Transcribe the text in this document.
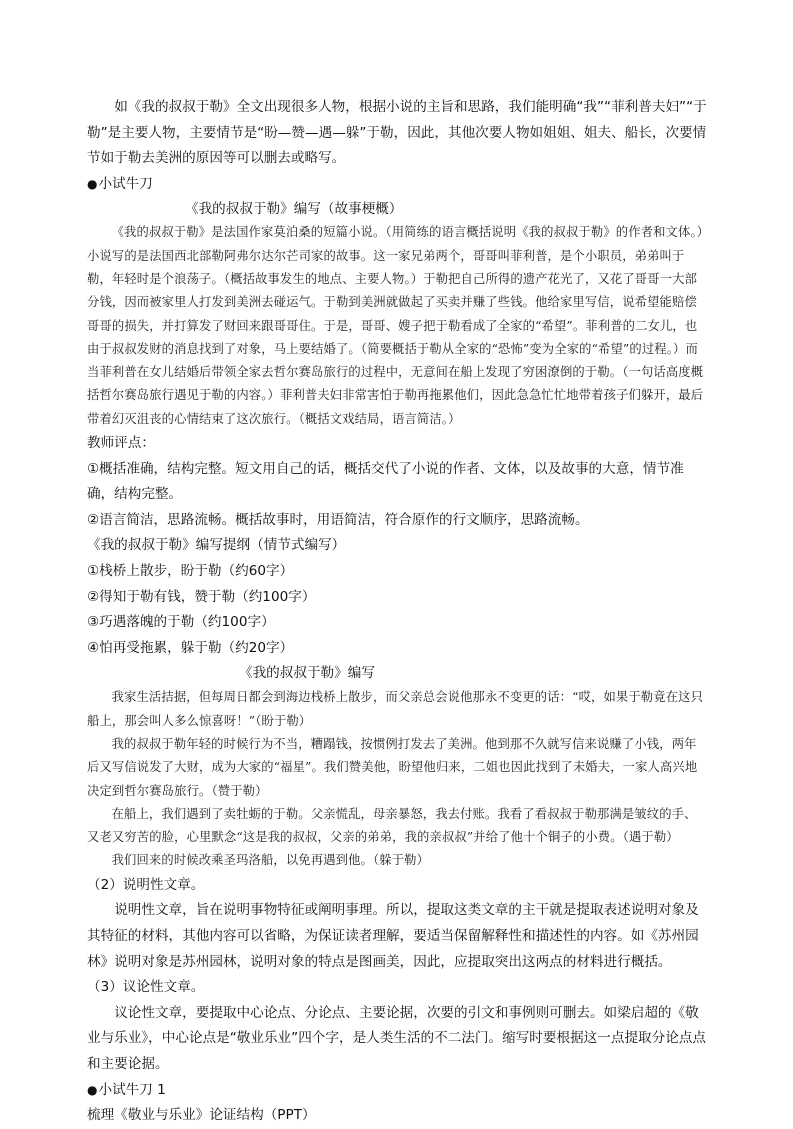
如《我的叔叔于勒》全文出现很多人物，根据小说的主旨和思路，我们能明确“我”“菲利普夫妇”“于勒”是主要人物，主要情节是“盼—赞—遇—躲”于勒，因此，其他次要人物如姐姐、姐夫、船长，次要情节如于勒去美洲的原因等可以删去或略写。

● 小试牛刀

《我的叔叔于勒》编写（故事梗概）

《我的叔叔于勒》是法国作家莫泊桑的短篇小说。（用简练的语言概括说明《我的叔叔于勒》的作者和文体。）小说写的是法国西北部勒阿弗尔达尔芒司家的故事。这一家兄弟两个，哥哥叫菲利普，是个小职员，弟弟叫于勒，年轻时是个浪荡子。（概括故事发生的地点、主要人物。）于勒把自己所得的遗产花光了，又花了哥哥一大部分钱，因而被家里人打发到美洲去碰运气。于勒到美洲就做起了买卖并赚了些钱。他给家里写信，说希望能赔偿哥哥的损失，并打算发了财回来跟哥哥住。于是，哥哥、嫂子把于勒看成了全家的“希望”。菲利普的二女儿，也由于叔叔发财的消息找到了对象，马上要结婚了。（简要概括于勒从全家的“恐怖”变为全家的“希望”的过程。）而当菲利普在女儿结婚后带领全家去哲尔赛岛旅行的过程中，无意间在船上发现了穷困潦倒的于勒。（一句话高度概括哲尔赛岛旅行遇见于勒的内容。）菲利普夫妇非常害怕于勒再拖累他们，因此急急忙忙地带着孩子们躲开，最后带着幻灭沮丧的心情结束了这次旅行。（概括文戏结局，语言简洁。）

教师评点：

①概括准确，结构完整。短文用自己的话，概括交代了小说的作者、文体，以及故事的大意，情节准确，结构完整。

②语言简洁，思路流畅。概括故事时，用语简洁，符合原作的行文顺序，思路流畅。

《我的叔叔于勒》编写提纲（情节式编写）

①栈桥上散步，盼于勒（约60字）

②得知于勒有钱，赞于勒（约100字）

③巧遇落魄的于勒（约100字）

④怕再受拖累，躲于勒（约20字）

《我的叔叔于勒》编写

我家生活拮据，但每周日都会到海边栈桥上散步，而父亲总会说他那永不变更的话：“哎，如果于勒竟在这只船上，那会叫人多么惊喜呀！”（盼于勒）

我的叔叔于勒年轻的时候行为不当，糟蹋钱，按惯例打发去了美洲。他到那不久就写信来说赚了小钱，两年后又写信说发了大财，成为大家的“福星”。我们赞美他，盼望他归来，二姐也因此找到了未婚夫，一家人高兴地决定到哲尔赛岛旅行。（赞于勒）

在船上，我们遇到了卖牡蛎的于勒。父亲慌乱，母亲暴怒，我去付账。我看了看叔叔于勒那满是皱纹的手、又老又穷苦的脸，心里默念“这是我的叔叔，父亲的弟弟，我的亲叔叔”并给了他十个铜子的小费。（遇于勒）

我们回来的时候改乘圣玛洛船，以免再遇到他。（躲于勒）

（2）说明性文章。

说明性文章，旨在说明事物特征或阐明事理。所以，提取这类文章的主干就是提取表述说明对象及其特征的材料，其他内容可以省略，为保证读者理解，要适当保留解释性和描述性的内容。如《苏州园林》说明对象是苏州园林，说明对象的特点是图画美，因此，应提取突出这两点的材料进行概括。

（3）议论性文章。

议论性文章，要提取中心论点、分论点、主要论据，次要的引文和事例则可删去。如梁启超的《敬业与乐业》，中心论点是“敬业乐业”四个字，是人类生活的不二法门。缩写时要根据这一点提取分论点点和主要论据。

● 小试牛刀 1

梳理《敬业与乐业》论证结构（PPT）
